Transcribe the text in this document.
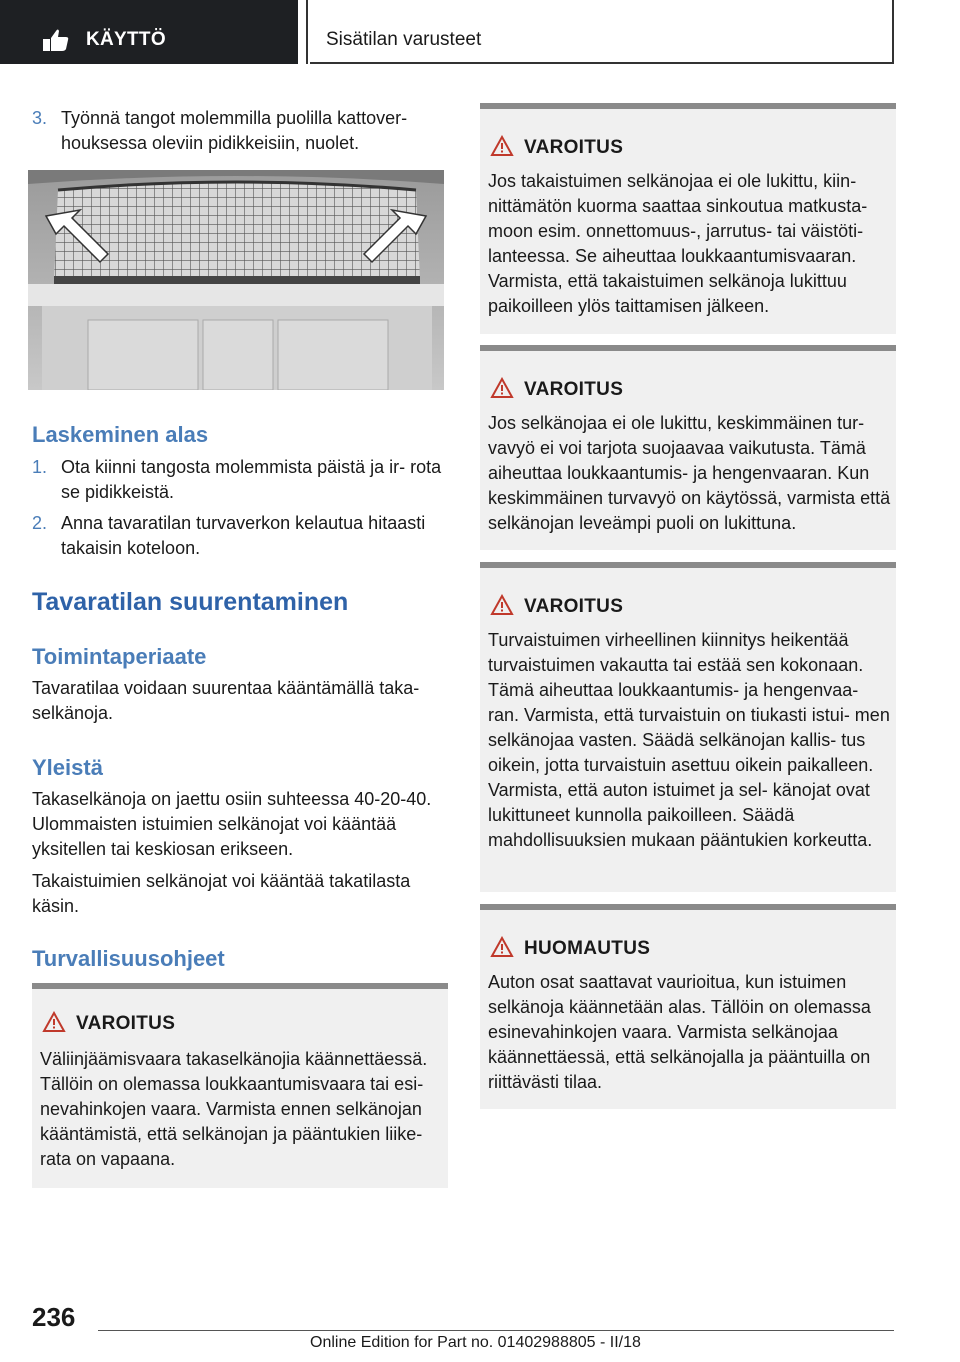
KÄYTTÖ	Sisätilan varusteet
3. Työnnä tangot molemmilla puolilla kattover- houksessa oleviin pidikkeisiin, nuolet.
Laskeminen alas
1. Ota kiinni tangosta molemmista päistä ja ir- rota se pidikkeistä.
2. Anna tavaratilan turvaverkon kelautua hitaasti takaisin koteloon.
Tavaratilan suurentaminen
Toimintaperiaate
Tavaratilaa voidaan suurentaa kääntämällä taka- selkänoja.
Yleistä
Takaselkänoja on jaettu osiin suhteessa 40-20-40. Ulommaisten istuimien selkänojat voi kääntää yksitellen tai keskiosan erikseen.
Takaistuimien selkänojat voi kääntää takatilasta käsin.
Turvallisuusohjeet
VAROITUS
Väliinjäämisvaara takaselkänojia käännettäessä. Tällöin on olemassa loukkaantumisvaara tai esi- nevahinkojen vaara. Varmista ennen selkänojan kääntämistä, että selkänojan ja pääntukien liike- rata on vapaana.
VAROITUS
Jos takaistuimen selkänojaa ei ole lukittu, kiin- nittämätön kuorma saattaa sinkoutua matkusta- moon esim. onnettomuus-, jarrutus- tai väistöti- lanteessa. Se aiheuttaa loukkaantumisvaaran. Varmista, että takaistuimen selkänoja lukittuu paikoilleen ylös taittamisen jälkeen.
VAROITUS
Jos selkänojaa ei ole lukittu, keskimmäinen tur- vavyö ei voi tarjota suojaavaa vaikutusta. Tämä aiheuttaa loukkaantumis- ja hengenvaaran. Kun keskimmäinen turvavyö on käytössä, varmista että selkänojan leveämpi puoli on lukittuna.
VAROITUS
Turvaistuimen virheellinen kiinnitys heikentää turvaistuimen vakautta tai estää sen kokonaan. Tämä aiheuttaa loukkaantumis- ja hengenvaa- ran. Varmista, että turvaistuin on tiukasti istui- men selkänojaa vasten. Säädä selkänojan kallis- tus oikein, jotta turvaistuin asettuu oikein paikalleen. Varmista, että auton istuimet ja sel- känojat ovat lukittuneet kunnolla paikoilleen. Säädä mahdollisuuksien mukaan pääntukien korkeutta.
HUOMAUTUS
Auton osat saattavat vaurioitua, kun istuimen selkänoja käännetään alas. Tällöin on olemassa esinevahinkojen vaara. Varmista selkänojaa käännettäessä, että selkänojalla ja pääntuilla on riittävästi tilaa.
236
Online Edition for Part no. 01402988805 - II/18
